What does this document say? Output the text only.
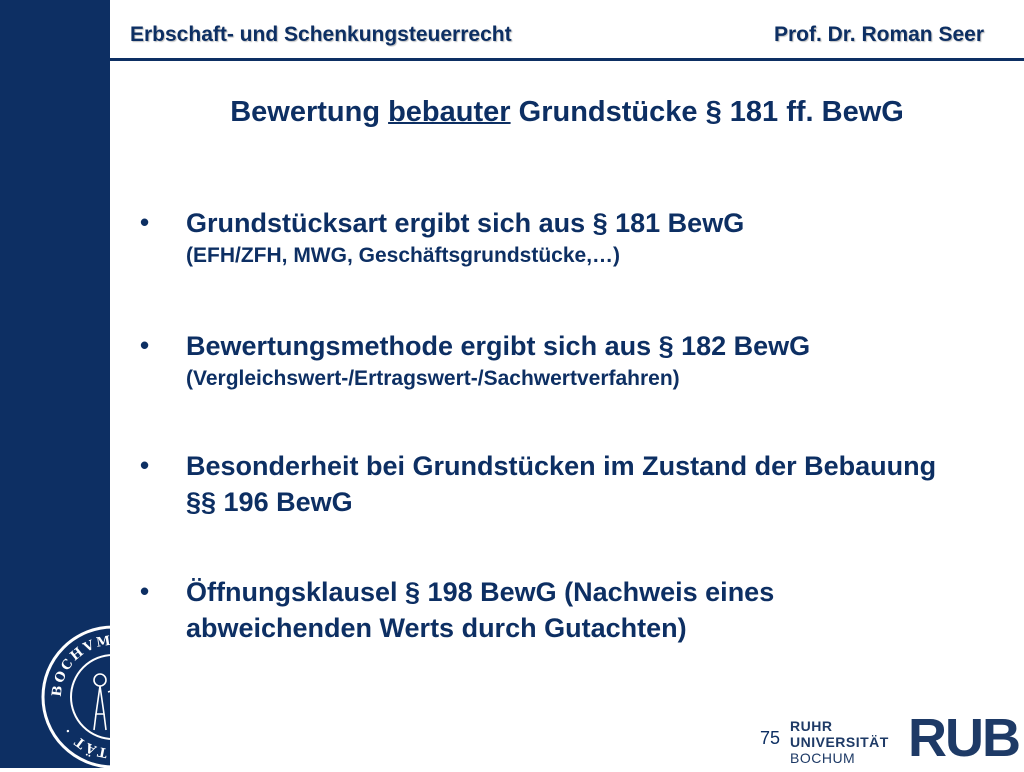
BOCHVM · RVHR-VNIVERSITÄT ·
Erbschaft- und Schenkungsteuerrecht	Prof. Dr. Roman Seer
Bewertung bebauter Grundstücke § 181 ff. BewG
• Grundstücksart ergibt sich aus § 181 BewG
(EFH/ZFH, MWG, Geschäftsgrundstücke,…)
• Bewertungsmethode ergibt sich aus § 182 BewG
(Vergleichswert-/Ertragswert-/Sachwertverfahren)
• Besonderheit bei Grundstücken im Zustand der Bebauung §§ 196 BewG
• Öffnungsklausel § 198 BewG (Nachweis eines abweichenden Werts durch Gutachten)
75
RUHR
UNIVERSITÄT
BOCHUM RUB
